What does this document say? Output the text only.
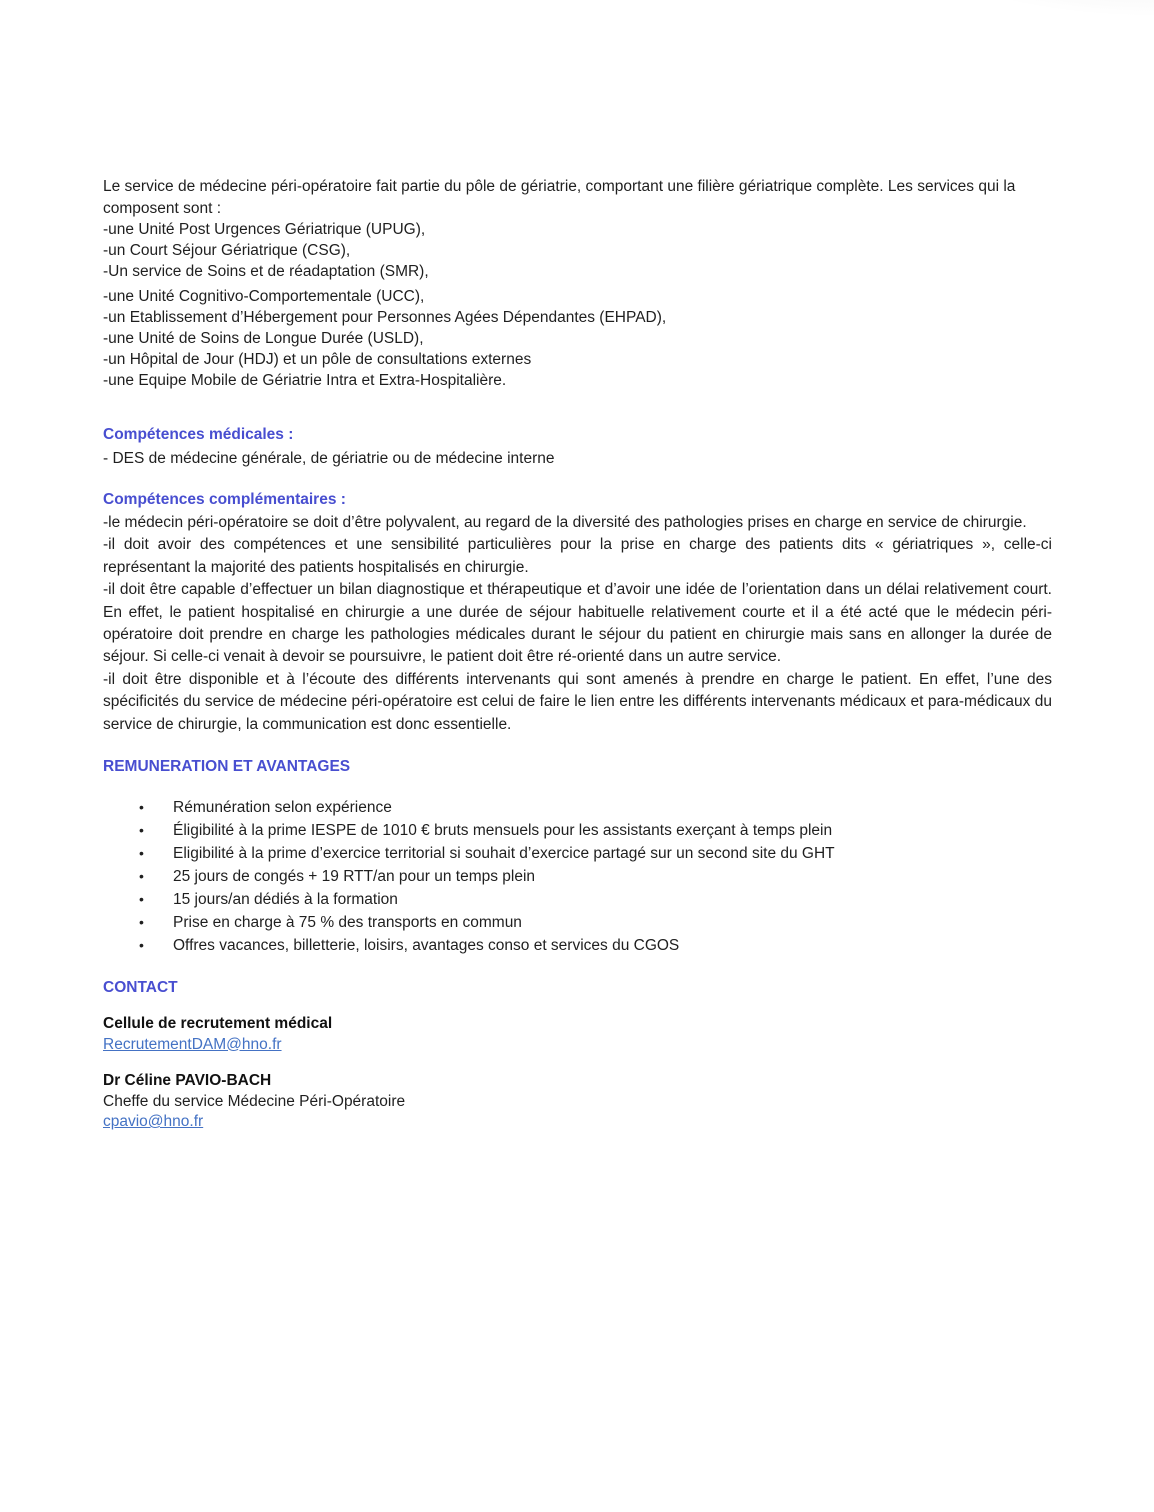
Le service de médecine péri-opératoire fait partie du pôle de gériatrie, comportant une filière gériatrique complète. Les services qui la composent sont :

-une Unité Post Urgences Gériatrique (UPUG),
-un Court Séjour Gériatrique (CSG),
-Un service de Soins et de réadaptation (SMR),
-une Unité Cognitivo-Comportementale (UCC),
-un Etablissement d’Hébergement pour Personnes Agées Dépendantes (EHPAD),
-une Unité de Soins de Longue Durée (USLD),
-un Hôpital de Jour (HDJ) et un pôle de consultations externes
-une Equipe Mobile de Gériatrie Intra et Extra-Hospitalière.
Compétences médicales :
- DES de médecine générale, de gériatrie ou de médecine interne
Compétences complémentaires :

-le médecin péri-opératoire se doit d’être polyvalent, au regard de la diversité des pathologies prises en charge en service de chirurgie.

-il doit avoir des compétences et une sensibilité particulières pour la prise en charge des patients dits « gériatriques », celle-ci représentant la majorité des patients hospitalisés en chirurgie.

-il doit être capable d’effectuer un bilan diagnostique et thérapeutique et d’avoir une idée de l’orientation dans un délai relativement court. En effet, le patient hospitalisé en chirurgie a une durée de séjour habituelle relativement courte et il a été acté que le médecin péri-opératoire doit prendre en charge les pathologies médicales durant le séjour du patient en chirurgie mais sans en allonger la durée de séjour. Si celle-ci venait à devoir se poursuivre, le patient doit être ré-orienté dans un autre service.

-il doit être disponible et à l’écoute des différents intervenants qui sont amenés à prendre en charge le patient. En effet, l’une des spécificités du service de médecine péri-opératoire est celui de faire le lien entre les différents intervenants médicaux et para-médicaux du service de chirurgie, la communication est donc essentielle.

REMUNERATION ET AVANTAGES
•	Rémunération selon expérience
•	Éligibilité à la prime IESPE de 1010 € bruts mensuels pour les assistants exerçant à temps plein
•	Eligibilité à la prime d’exercice territorial si souhait d’exercice partagé sur un second site du GHT
•	25 jours de congés + 19 RTT/an pour un temps plein
•	15 jours/an dédiés à la formation
•	Prise en charge à 75 % des transports en commun
•	Offres vacances, billetterie, loisirs, avantages conso et services du CGOS
CONTACT
Cellule de recrutement médical
RecrutementDAM@hno.fr
Dr Céline PAVIO-BACH
Cheffe du service Médecine Péri-Opératoire
cpavio@hno.fr
